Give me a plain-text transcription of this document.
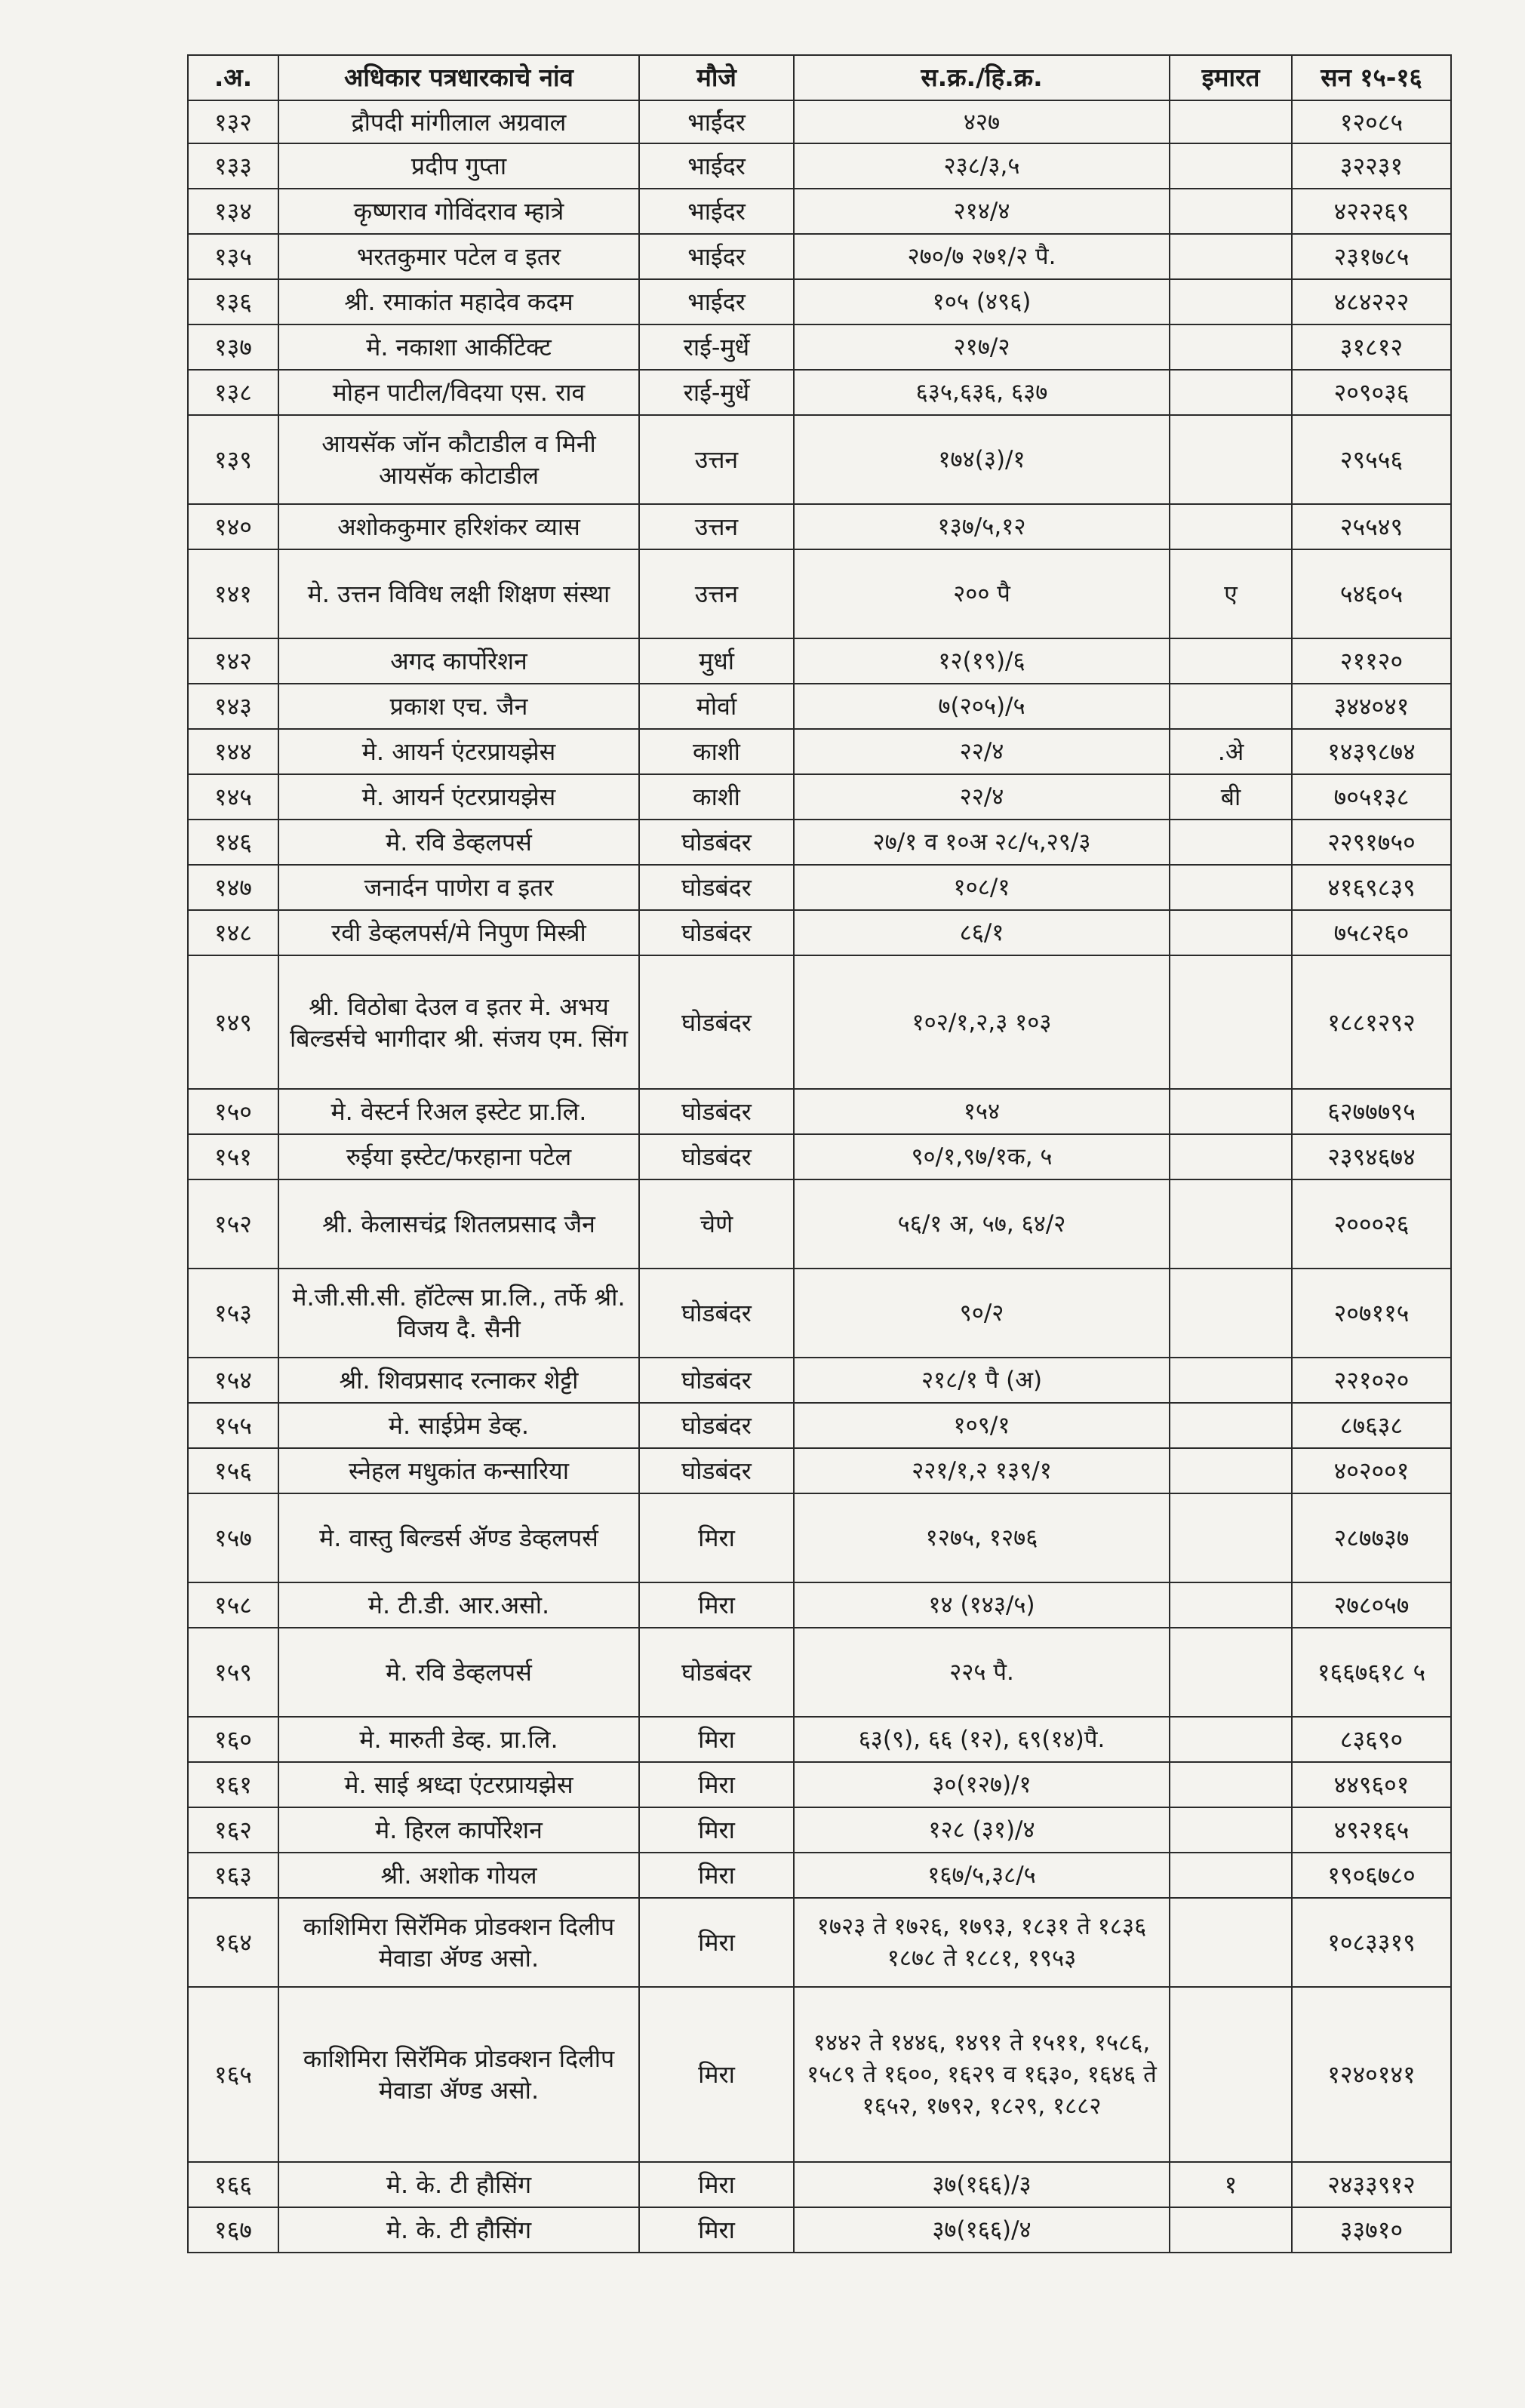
.अ.	अधिकार पत्रधारकाचे नांव	मौजे	स.क्र./हि.क्र.	इमारत	सन १५-१६
१३२	द्रौपदी मांगीलाल अग्रवाल	भाईंदर	४२७		१२०८५
१३३	प्रदीप गुप्ता	भाईदर	२३८/३,५		३२२३१
१३४	कृष्णराव गोविंदराव म्हात्रे	भाईदर	२१४/४		४२२२६९
१३५	भरतकुमार पटेल व इतर	भाईदर	२७०/७ २७१/२ पै.		२३१७८५
१३६	श्री. रमाकांत महादेव कदम	भाईदर	१०५ (४९६)		४८४२२२
१३७	मे. नकाशा आर्कीटेक्ट	राई-मुर्धे	२१७/२		३१८१२
१३८	मोहन पाटील/विदया एस. राव	राई-मुर्धे	६३५,६३६, ६३७		२०९०३६
१३९	आयसॅक जॉन कौटाडील व मिनी आयसॅक कोटाडील	उत्तन	१७४(३)/१		२९५५६
१४०	अशोककुमार हरिशंकर व्यास	उत्तन	१३७/५,१२		२५५४९
१४१	मे. उत्तन विविध लक्षी शिक्षण संस्था	उत्तन	२०० पै	ए	५४६०५
१४२	अगद कार्पोरेशन	मुर्धा	१२(१९)/६		२११२०
१४३	प्रकाश एच. जैन	मोर्वा	७(२०५)/५		३४४०४१
१४४	मे. आयर्न एंटरप्रायझेस	काशी	२२/४	.अे	१४३९८७४
१४५	मे. आयर्न एंटरप्रायझेस	काशी	२२/४	बी	७०५१३८
१४६	मे. रवि डेव्हलपर्स	घोडबंदर	२७/१ व १०अ २८/५,२९/३		२२९१७५०
१४७	जनार्दन पाणेरा व इतर	घोडबंदर	१०८/१		४१६९८३९
१४८	रवी डेव्हलपर्स/मे निपुण मिस्त्री	घोडबंदर	८६/१		७५८२६०
१४९	श्री. विठोबा देउल व इतर मे. अभय बिल्डर्सचे भागीदार श्री. संजय एम. सिंग	घोडबंदर	१०२/१,२,३ १०३		१८८१२९२
१५०	मे. वेस्टर्न रिअल इस्टेट प्रा.लि.	घोडबंदर	१५४		६२७७७९५
१५१	रुईया इस्टेट/फरहाना पटेल	घोडबंदर	९०/१,९७/१क, ५		२३९४६७४
१५२	श्री. केलासचंद्र शितलप्रसाद जैन	चेणे	५६/१ अ, ५७, ६४/२		२०००२६
१५३	मे.जी.सी.सी. हॉटेल्स प्रा.लि., तर्फे श्री. विजय दै. सैनी	घोडबंदर	९०/२		२०७११५
१५४	श्री. शिवप्रसाद रत्नाकर शेट्टी	घोडबंदर	२१८/१ पै (अ)		२२१०२०
१५५	मे. साईप्रेम डेव्ह.	घोडबंदर	१०९/१		८७६३८
१५६	स्नेहल मधुकांत कन्सारिया	घोडबंदर	२२१/१,२ १३९/१		४०२००१
१५७	मे. वास्तु बिल्डर्स ॲण्ड डेव्हलपर्स	मिरा	१२७५, १२७६		२८७७३७
१५८	मे. टी.डी. आर.असो.	मिरा	१४ (१४३/५)		२७८०५७
१५९	मे. रवि डेव्हलपर्स	घोडबंदर	२२५ पै.		१६६७६१८ ५
१६०	मे. मारुती डेव्ह. प्रा.लि.	मिरा	६३(९), ६६ (१२), ६९(१४)पै.		८३६९०
१६१	मे. साई श्रध्दा एंटरप्रायझेस	मिरा	३०(१२७)/१		४४९६०१
१६२	मे. हिरल कार्पोरेशन	मिरा	१२८ (३१)/४		४९२१६५
१६३	श्री. अशोक गोयल	मिरा	१६७/५,३८/५		१९०६७८०
१६४	काशिमिरा सिरॅमिक प्रोडक्शन दिलीप मेवाडा ॲण्ड असो.	मिरा	१७२३ ते १७२६, १७९३, १८३१ ते १८३६ १८७८ ते १८८१, १९५३		१०८३३१९
१६५	काशिमिरा सिरॅमिक प्रोडक्शन दिलीप मेवाडा ॲण्ड असो.	मिरा	१४४२ ते १४४६, १४९१ ते १५११, १५८६, १५८९ ते १६००, १६२९ व १६३०, १६४६ ते १६५२, १७९२, १८२९, १८८२		१२४०१४१
१६६	मे. के. टी हौसिंग	मिरा	३७(१६६)/३	१	२४३३९१२
१६७	मे. के. टी हौसिंग	मिरा	३७(१६६)/४		३३७१०
